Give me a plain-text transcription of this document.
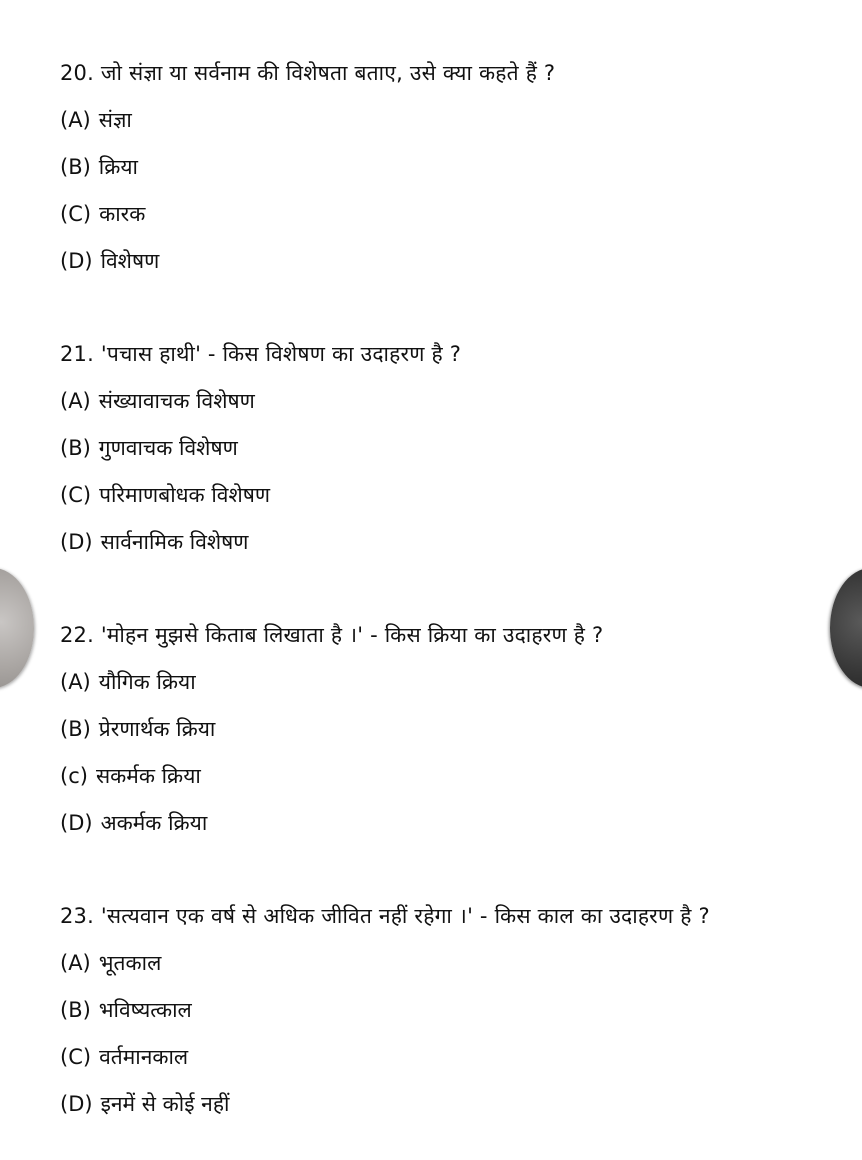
20. जो संज्ञा या सर्वनाम की विशेषता बताए, उसे क्या कहते हैं ?
(A) संज्ञा
(B) क्रिया
(C) कारक
(D) विशेषण
21. 'पचास हाथी' - किस विशेषण का उदाहरण है ?
(A) संख्यावाचक विशेषण
(B) गुणवाचक विशेषण
(C) परिमाणबोधक विशेषण
(D) सार्वनामिक विशेषण
22. 'मोहन मुझसे किताब लिखाता है ।' - किस क्रिया का उदाहरण है ?
(A) यौगिक क्रिया
(B) प्रेरणार्थक क्रिया
(c) सकर्मक क्रिया
(D) अकर्मक क्रिया
23. 'सत्यवान एक वर्ष से अधिक जीवित नहीं रहेगा ।' - किस काल का उदाहरण है ?
(A) भूतकाल
(B) भविष्यत्काल
(C) वर्तमानकाल
(D) इनमें से कोई नहीं
